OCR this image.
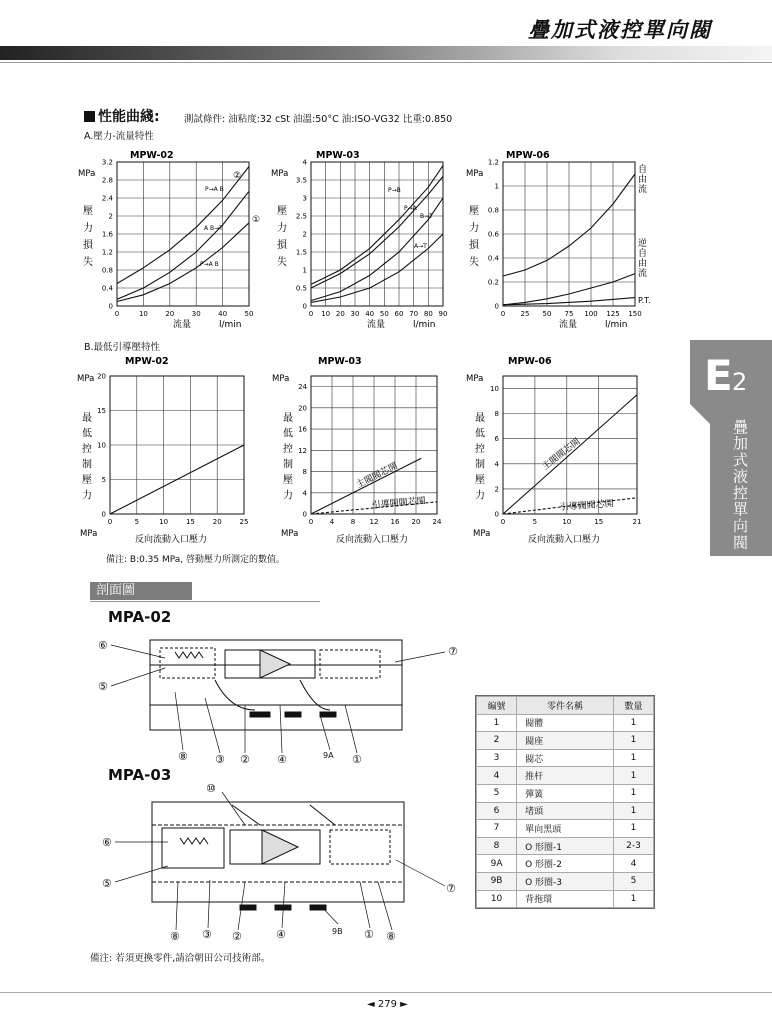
疊加式液控單向閥
性能曲綫:	測試條件: 油粘度:32 cSt 油溫:50°C 油:ISO-VG32 比重:0.850
A.壓力-流量特性
B.最低引導壓特性
MPW-02
MPa
0	10 20 30 40 50
0
0.4
0.8
1.2
1.6
2
2.4
2.8
3.2
壓
力
損
失
流量	l/min
MPW-03
MPa
0 10 20 30 40 50 60 70 80 90
0
0.5
1
1.5
2
2.5
3
3.5
4
壓
力
損
失
流量	l/min
MPW-06
MPa
0 25 50 75 100 125 150
0
0.2
0.4
0.6
0.8
1
1.2
壓
力
損
失
流量	l/min
MPW-02
MPa
0	5	10	15	20	25
0
5
10
15
20
最
低
控
制
壓
力
反向流動入口壓力
MPa
MPW-03
MPa
0 4 8 12 16 20 24
0
4
8
12
16
20
24
最
低
控
制
壓
力
反向流動入口壓力
MPa
MPW-06
MPa
0	5	10	15	21
0
2
4
6
8
10
最
低
控
制
壓
力
反向流動入口壓力
MPa
②
①
P→A B
A B→T
P→A B
P→B
P→A
B→T
A→T
自
由
流
逆
自
由
流
P.T.
主閥閥芯開
引導閥閥芯開
主閥閥芯開
引導閥閥芯開
備注: B:0.35 MPa, 啓動壓力所測定的數值。
剖面圖
MPA-02
MPA-03
⑥
⑤
⑦
⑧ ③ ② ④	9A ①
⑩
⑥
⑤	⑦
⑧ ③ ②	④	9B ① ⑧
編號	零件名稱	數量
1	閥體	1
2	閥座	1
3	閥芯	1
4	推杆	1
5	彈簧	1
6	堵頭	1
7	單向黑頭	1
8	O 形圈-1	2-3
9A	O 形圈-2	4
9B	O 形圈-3	5
10	背拖環	1
備注: 若須更換零件,請洽朝田公司技術部。
E 2
疊
加
式
液
控
單
向
閥
◄ 279 ►
